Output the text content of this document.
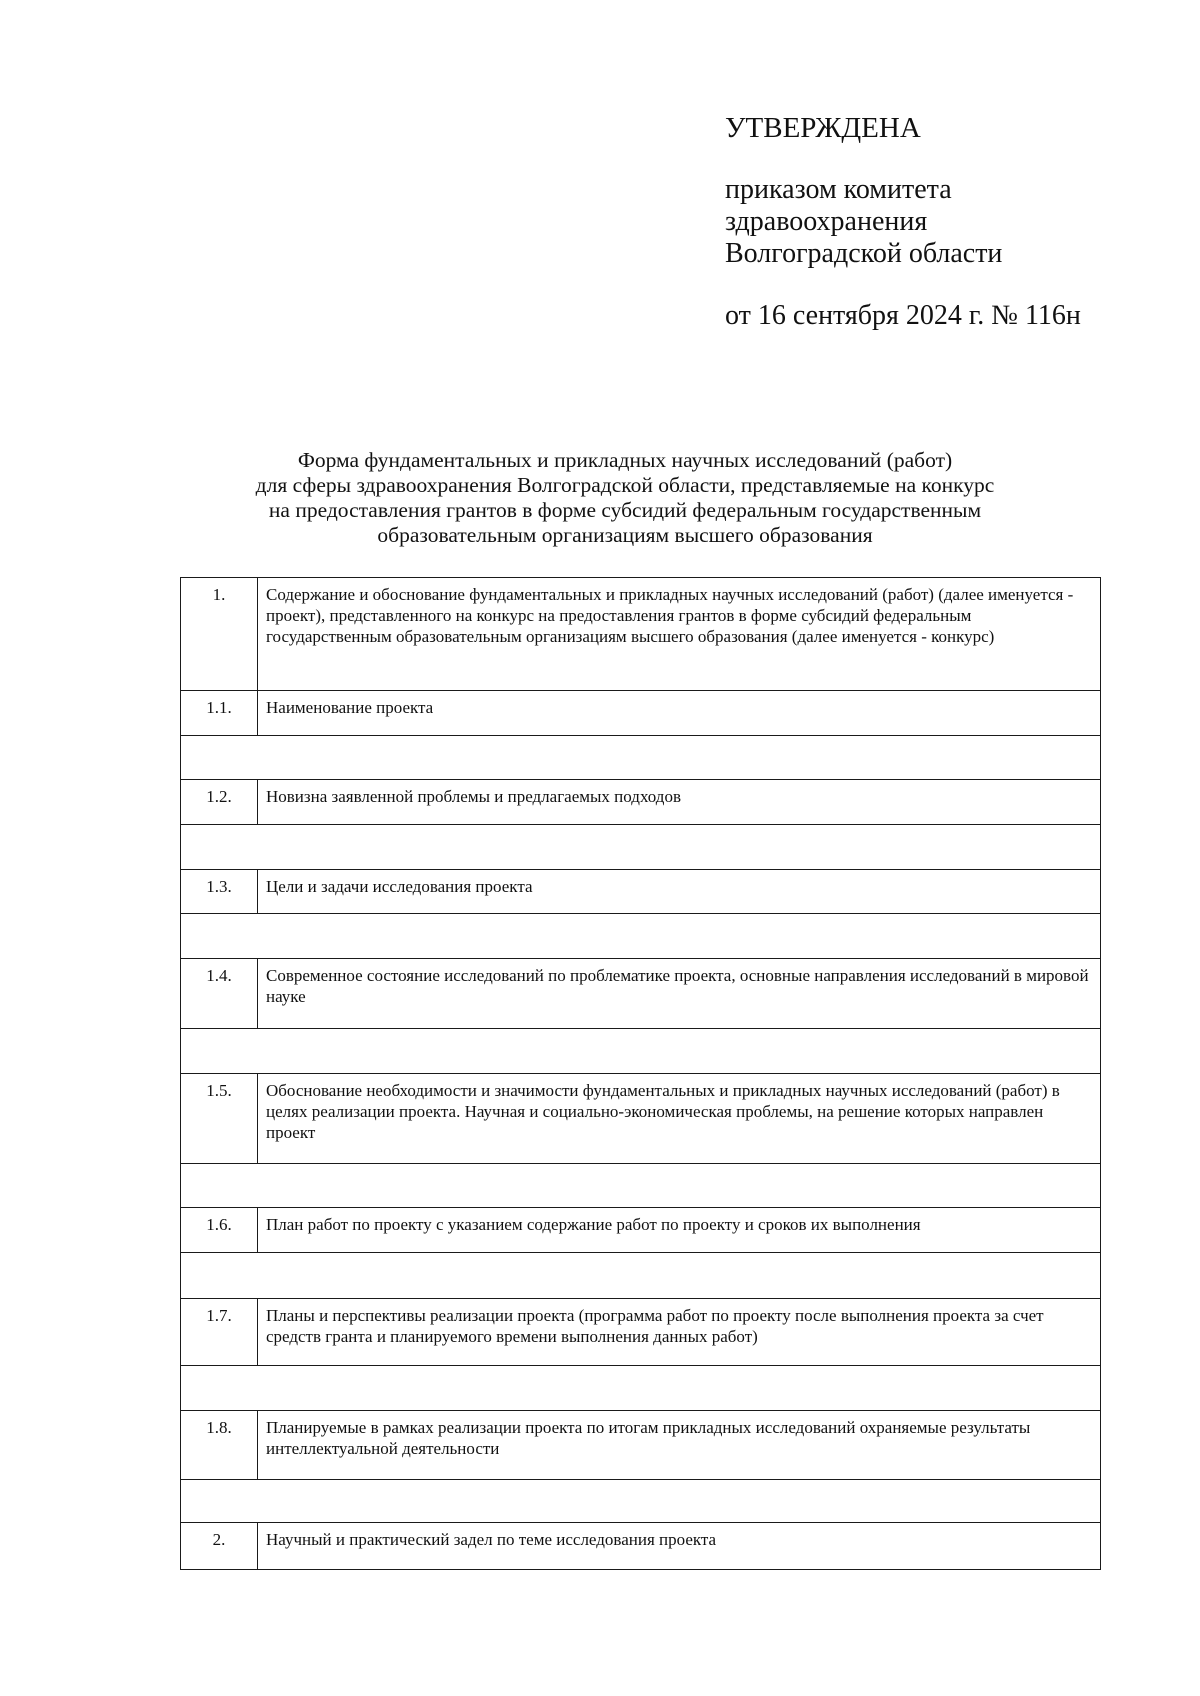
УТВЕРЖДЕНА
приказом комитета
здравоохранения
Волгоградской области
от 16 сентября 2024 г. № 116н
Форма фундаментальных и прикладных научных исследований (работ)
для сферы здравоохранения Волгоградской области, представляемые на конкурс
на предоставления грантов в форме субсидий федеральным государственным
образовательным организациям высшего образования
1.	Содержание и обоснование фундаментальных и прикладных научных исследований (работ) (далее именуется - проект), представленного на конкурс на предоставления грантов в форме субсидий федеральным государственным образовательным организациям высшего образования (далее именуется - конкурс)
1.1.	Наименование проекта

1.2.	Новизна заявленной проблемы и предлагаемых подходов

1.3.	Цели и задачи исследования проекта

1.4.	Современное состояние исследований по проблематике проекта, основные направления исследований в мировой науке

1.5.	Обоснование необходимости и значимости фундаментальных и прикладных научных исследований (работ) в целях реализации проекта. Научная и социально-экономическая проблемы, на решение которых направлен проект

1.6.	План работ по проекту с указанием содержание работ по проекту и сроков их выполнения

1.7.	Планы и перспективы реализации проекта (программа работ по проекту после выполнения проекта за счет средств гранта и планируемого времени выполнения данных работ)

1.8.	Планируемые в рамках реализации проекта по итогам прикладных исследований охраняемые результаты интеллектуальной деятельности

2.	Научный и практический задел по теме исследования проекта
